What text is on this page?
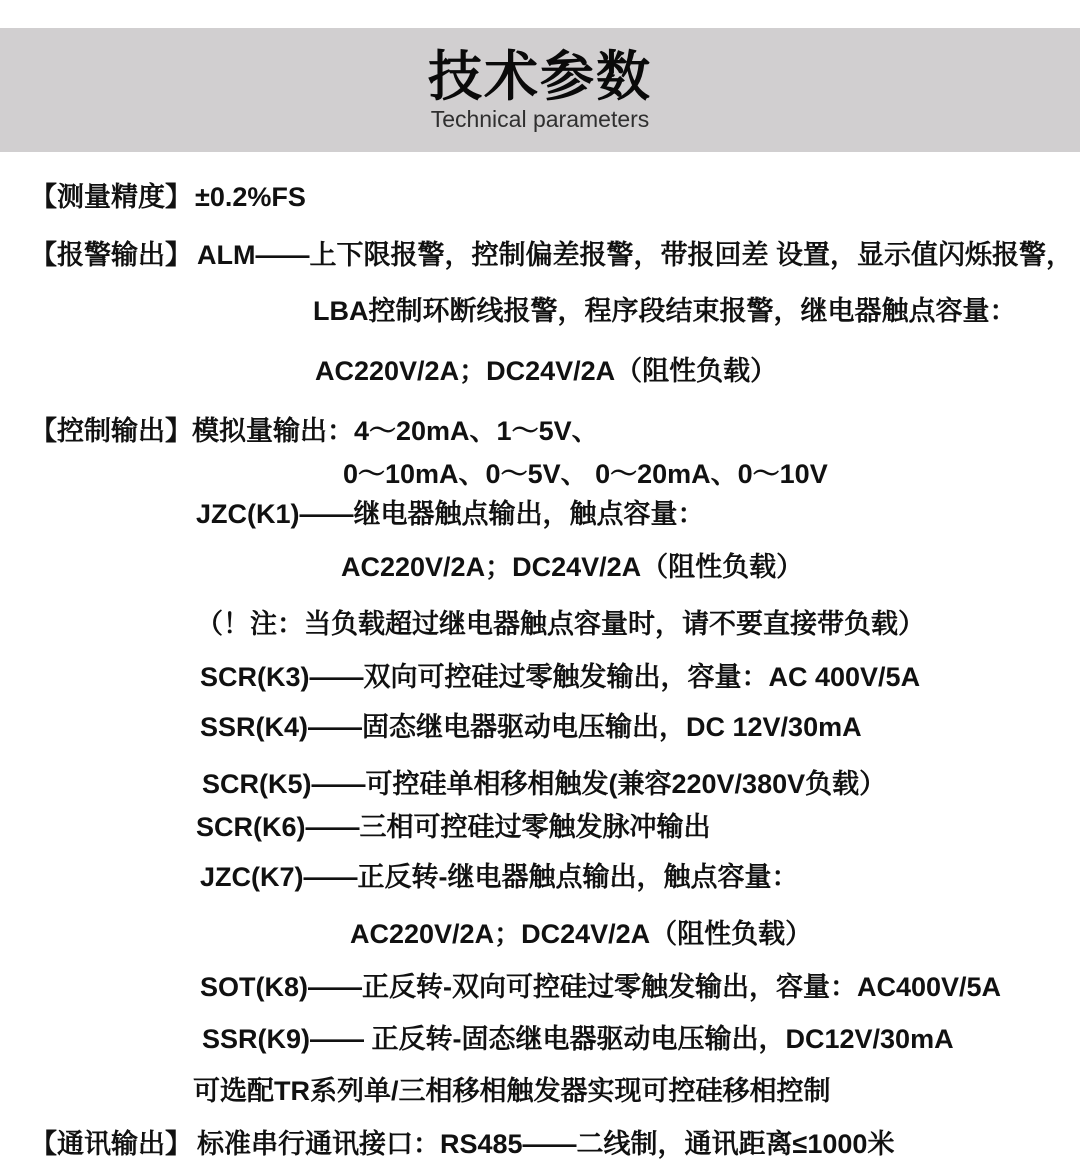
技术参数
Technical parameters
【测量精度】 ±0.2%FS
【报警输出】 ALM——上下限报警，控制偏差报警，带报回差 设置，显示值闪烁报警，
LBA控制环断线报警，程序段结束报警，继电器触点容量：
AC220V/2A；DC24V/2A（阻性负载）
【控制输出】 模拟量输出：4～20mA、1～5V、
0～10mA、0～5V、 0～20mA、0～10V
JZC(K1)——继电器触点输出，触点容量：
AC220V/2A；DC24V/2A（阻性负载）
（！注：当负载超过继电器触点容量时，请不要直接带负载）
SCR(K3)——双向可控硅过零触发输出，容量：AC 400V/5A
SSR(K4)——固态继电器驱动电压输出，DC 12V/30mA
SCR(K5)——可控硅单相移相触发(兼容220V/380V负载）
SCR(K6)——三相可控硅过零触发脉冲输出
JZC(K7)——正反转-继电器触点输出，触点容量：
AC220V/2A；DC24V/2A（阻性负载）
SOT(K8)——正反转-双向可控硅过零触发输出，容量：AC400V/5A
SSR(K9)—— 正反转-固态继电器驱动电压输出，DC12V/30mA
可选配TR系列单/三相移相触发器实现可控硅移相控制
【通讯输出】 标准串行通讯接口：RS485——二线制，通讯距离≤1000米
